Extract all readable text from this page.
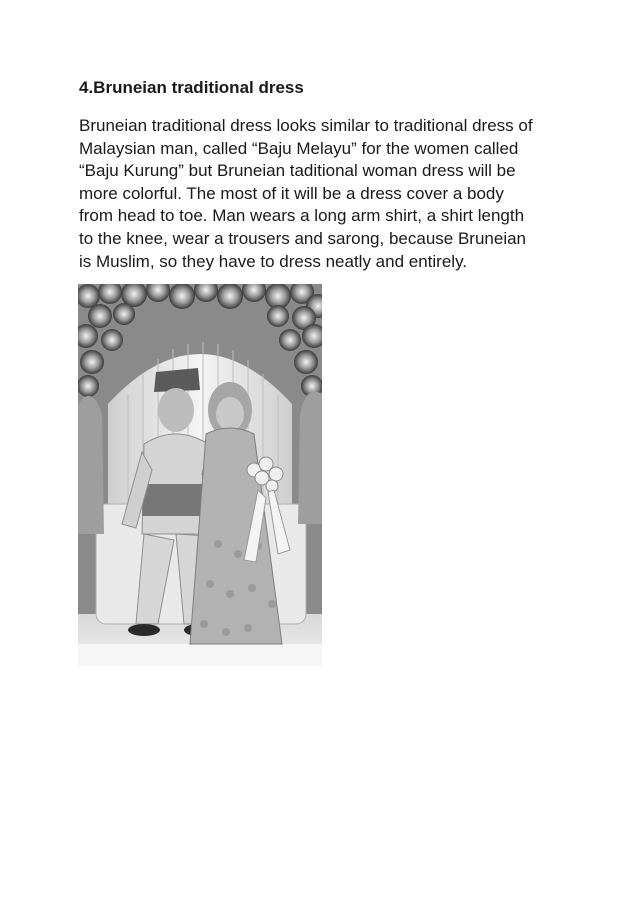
4.Bruneian traditional dress

Bruneian traditional dress looks similar to traditional dress of
Malaysian man, called “Baju Melayu” for the women called
“Baju Kurung” but Bruneian taditional woman dress will be
more colorful. The most of it will be a dress cover a body
from head to toe. Man wears a long arm shirt, a shirt length
to the knee, wear a trousers and sarong, because Bruneian
is Muslim, so they have to dress neatly and entirely.
